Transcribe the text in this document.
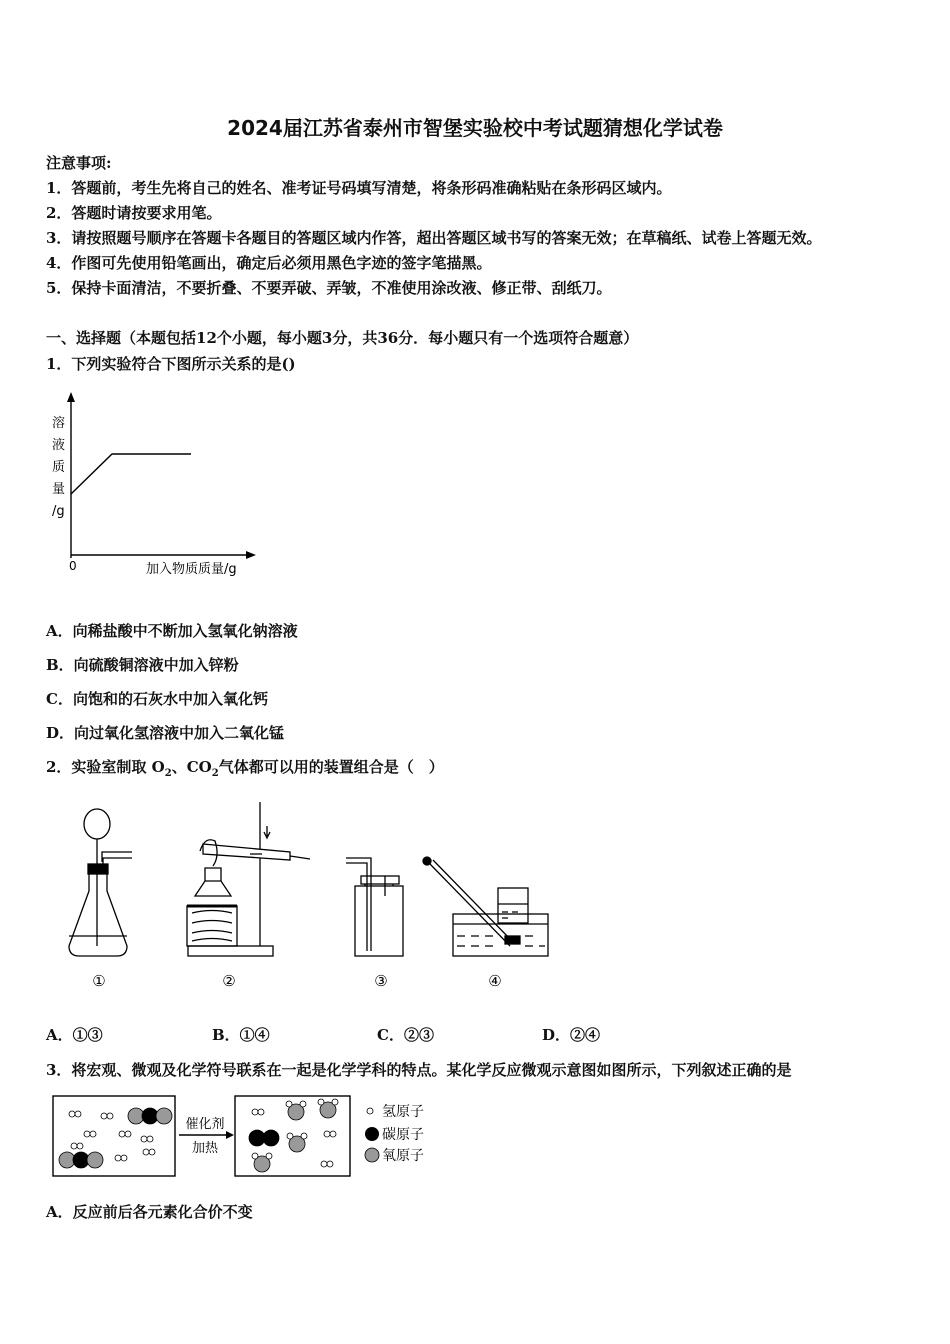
2024届江苏省泰州市智堡实验校中考试题猜想化学试卷
注意事项:
1．答题前，考生先将自己的姓名、准考证号码填写清楚，将条形码准确粘贴在条形码区域内。
2．答题时请按要求用笔。
3．请按照题号顺序在答题卡各题目的答题区域内作答，超出答题区域书写的答案无效；在草稿纸、试卷上答题无效。
4．作图可先使用铅笔画出，确定后必须用黑色字迹的签字笔描黑。
5．保持卡面清洁，不要折叠、不要弄破、弄皱，不准使用涂改液、修正带、刮纸刀。
一、选择题（本题包括12个小题，每小题3分，共36分．每小题只有一个选项符合题意）
1．下列实验符合下图所示关系的是()
溶
液
质
量
/g
0	加入物质质量/g
A．向稀盐酸中不断加入氢氧化钠溶液
B．向硫酸铜溶液中加入锌粉
C．向饱和的石灰水中加入氧化钙
D．向过氧化氢溶液中加入二氧化锰
2．实验室制取 $O_2$、$CO_2$气体都可以用的装置组合是（　）
①	②	③	④
A．①③	B．①④	C．②③	D．②④
3．将宏观、微观及化学符号联系在一起是化学学科的特点。某化学反应微观示意图如图所示，下列叙述正确的是
催化剂
加热
氢原子
碳原子
氧原子
A．反应前后各元素化合价不变
